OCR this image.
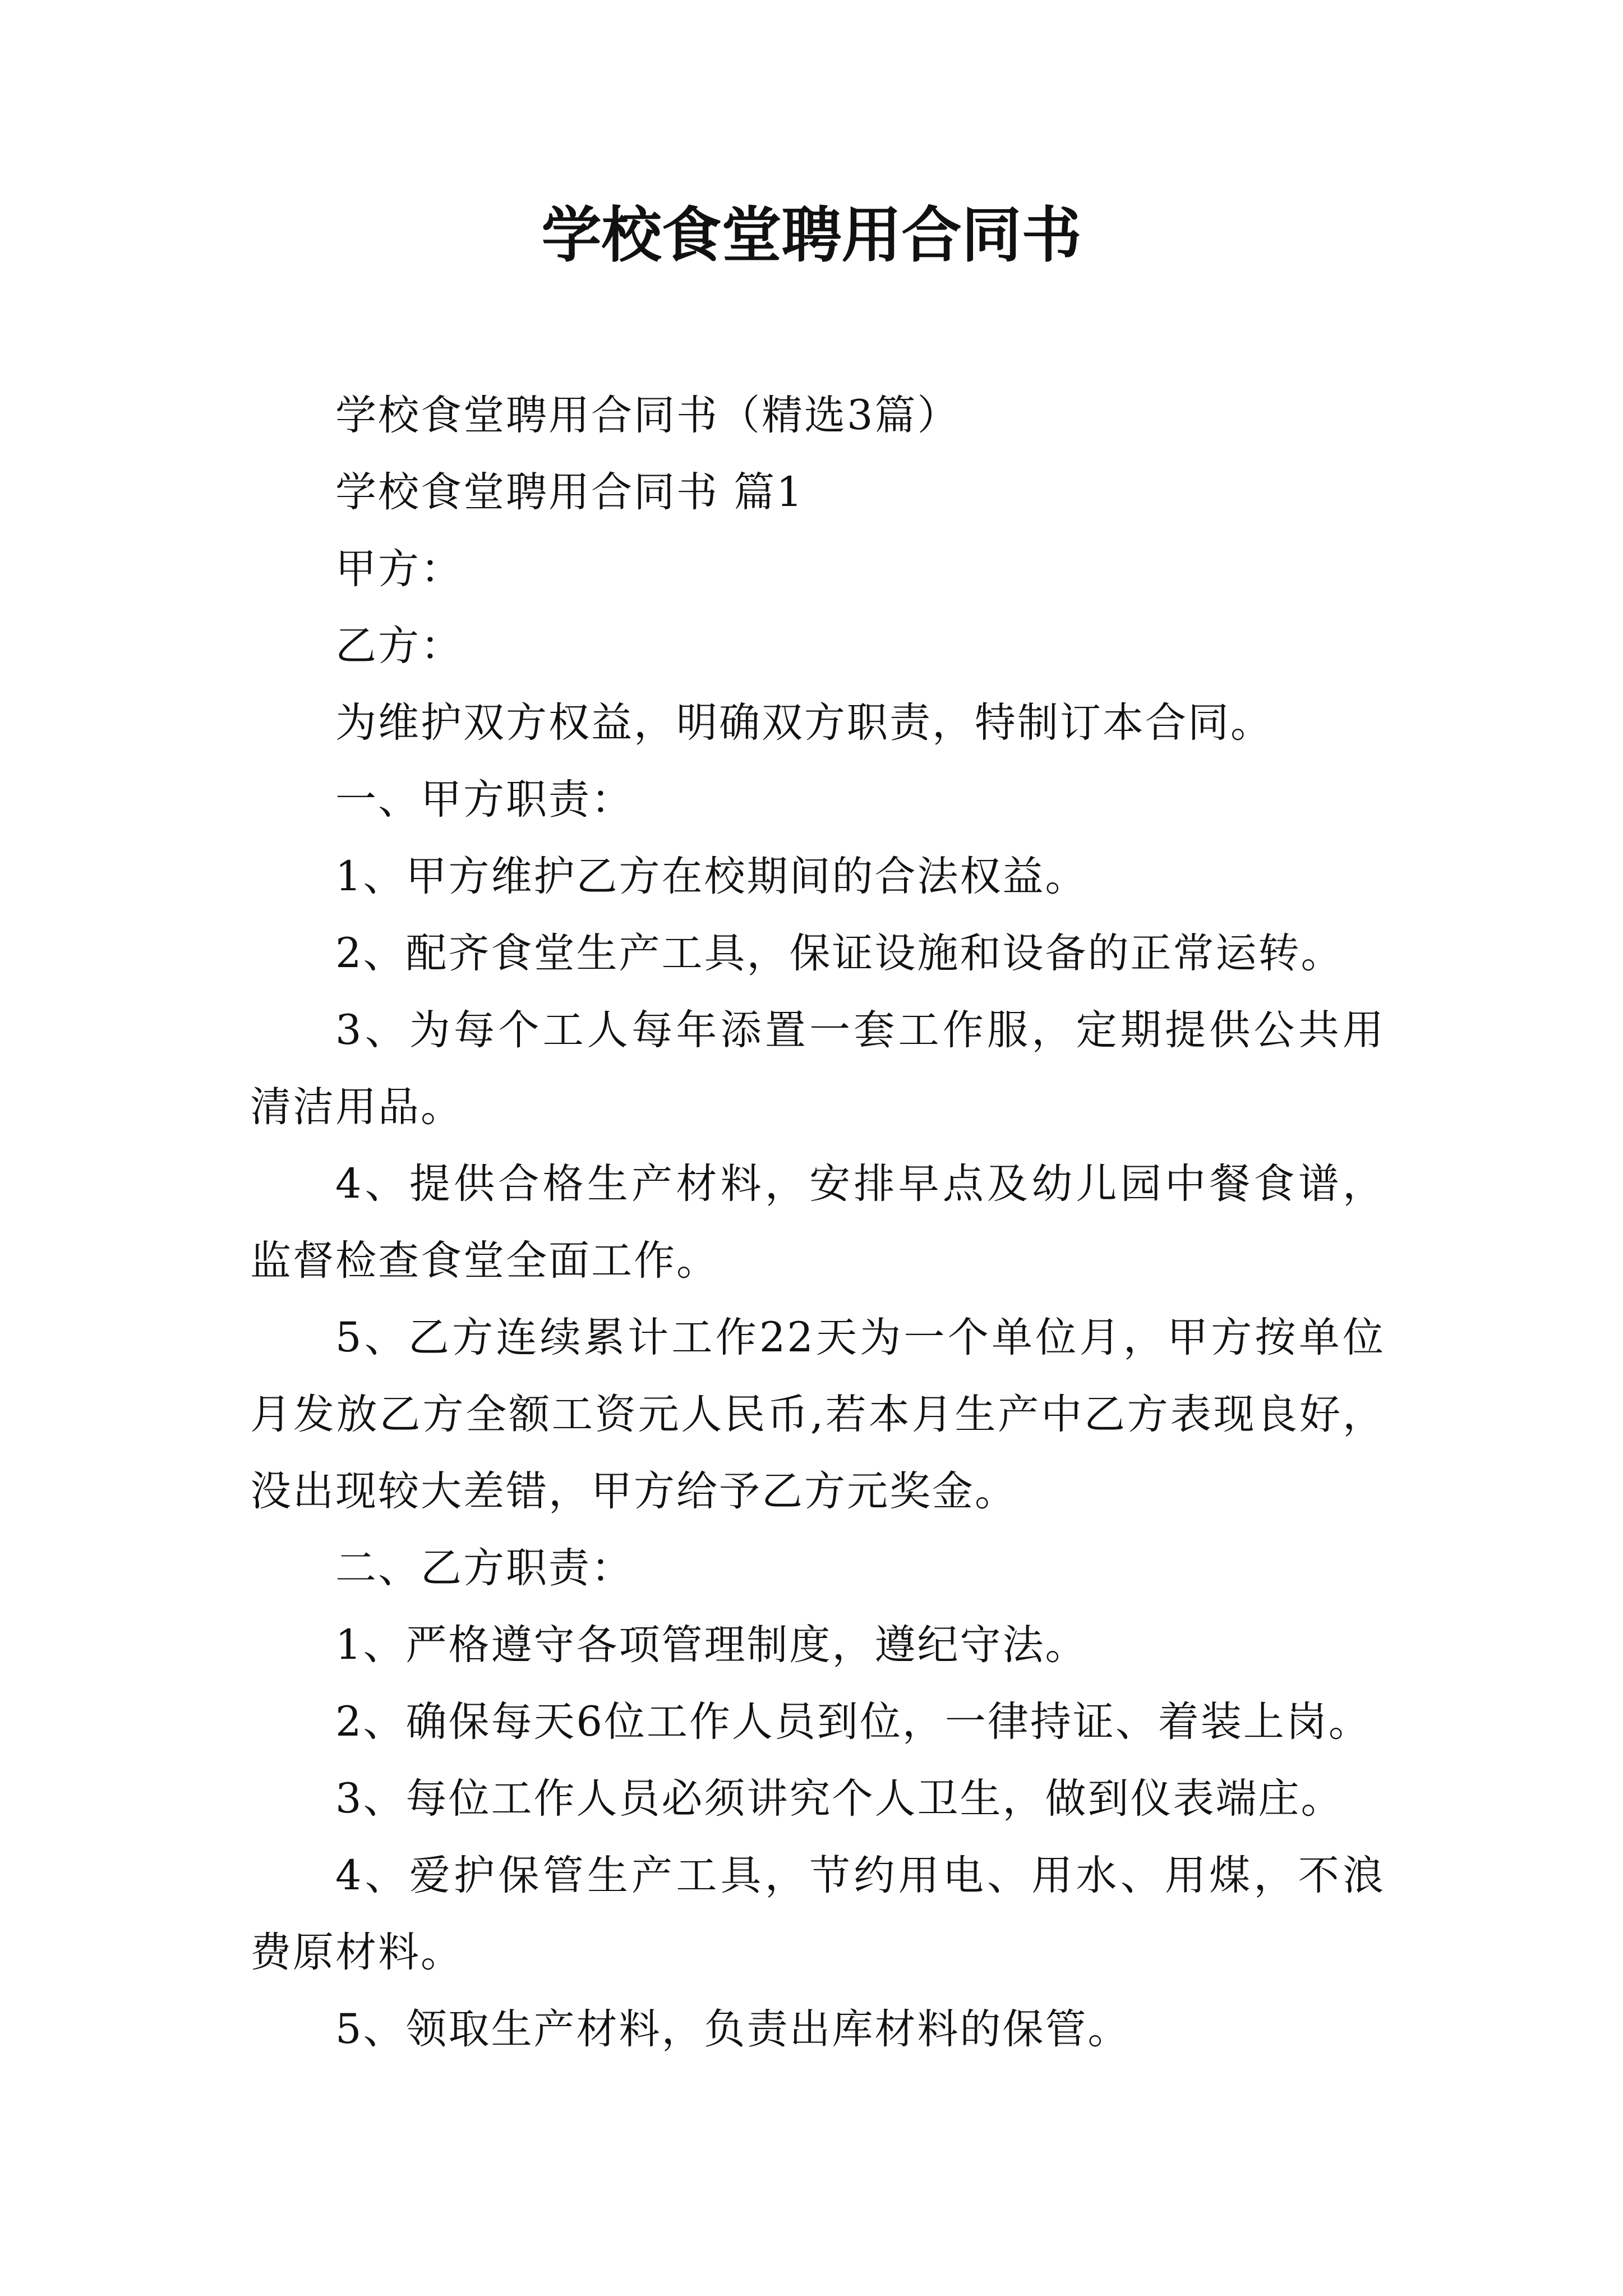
学校食堂聘用合同书
学校食堂聘用合同书（精选3篇）
学校食堂聘用合同书 篇1
甲方：
乙方：
为维护双方权益，明确双方职责，特制订本合同。
一、甲方职责：
1、甲方维护乙方在校期间的合法权益。
2、配齐食堂生产工具，保证设施和设备的正常运转。
3、为每个工人每年添置一套工作服，定期提供公共用
清洁用品。
4、提供合格生产材料，安排早点及幼儿园中餐食谱，
监督检查食堂全面工作。
5、乙方连续累计工作22天为一个单位月，甲方按单位
月发放乙方全额工资元人民币,若本月生产中乙方表现良好，
没出现较大差错，甲方给予乙方元奖金。
二、乙方职责：
1、严格遵守各项管理制度，遵纪守法。
2、确保每天6位工作人员到位，一律持证、着装上岗。
3、每位工作人员必须讲究个人卫生，做到仪表端庄。
4、爱护保管生产工具，节约用电、用水、用煤，不浪
费原材料。
5、领取生产材料，负责出库材料的保管。
